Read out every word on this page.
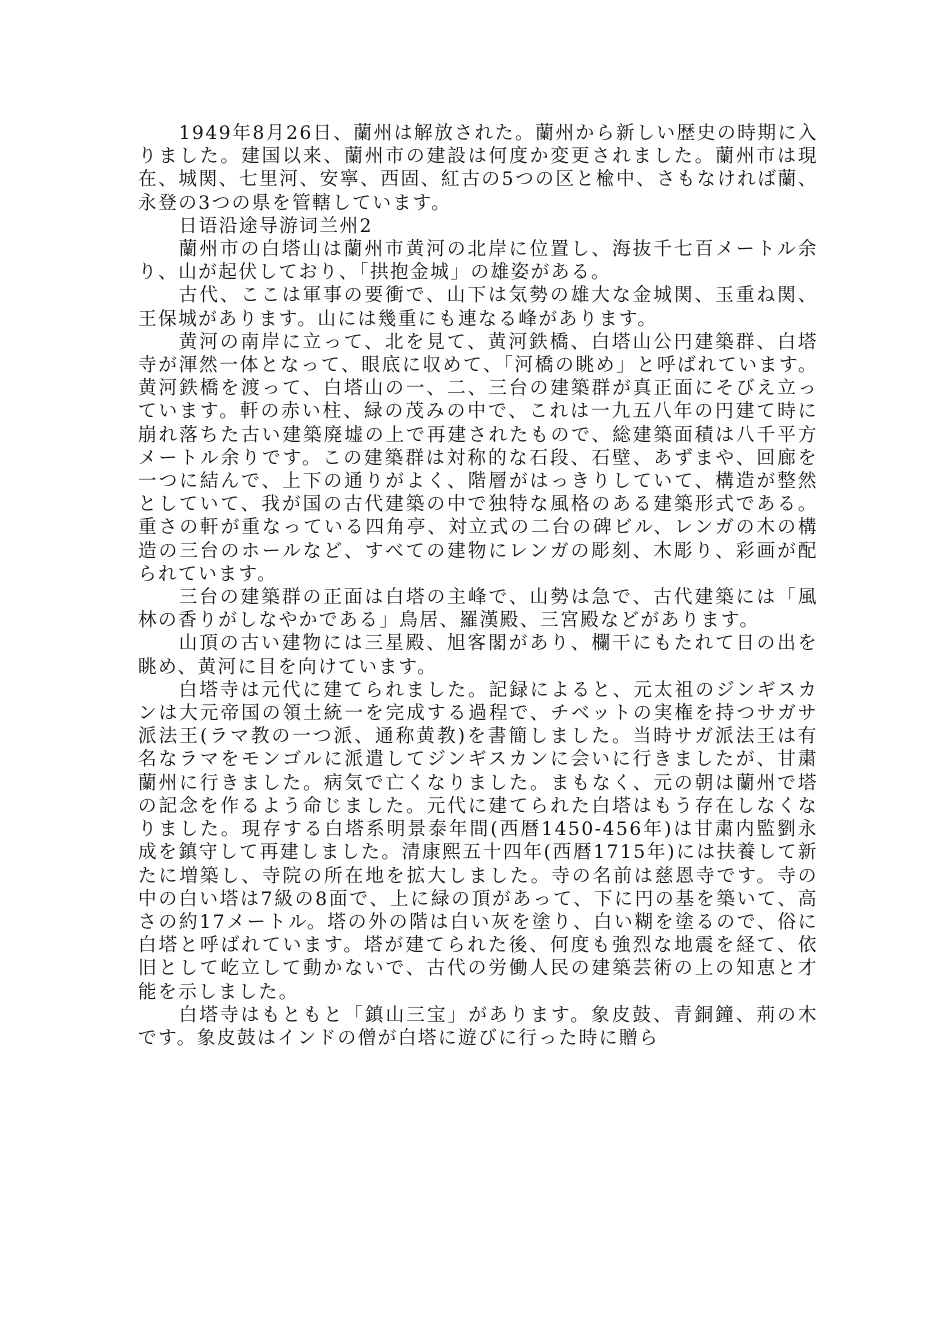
1949年8月26日、蘭州は解放された。蘭州から新しい歴史の時期に入りました。建国以来、蘭州市の建設は何度か変更されました。蘭州市は現在、城関、七里河、安寧、西固、紅古の5つの区と楡中、さもなければ蘭、永登の3つの県を管轄しています。

日语沿途导游词兰州2

蘭州市の白塔山は蘭州市黄河の北岸に位置し、海抜千七百メートル余り、山が起伏しており、「拱抱金城」の雄姿がある。

古代、ここは軍事の要衝で、山下は気勢の雄大な金城関、玉重ね関、王保城があります。山には幾重にも連なる峰があります。

黄河の南岸に立って、北を見て、黄河鉄橋、白塔山公円建築群、白塔寺が渾然一体となって、眼底に収めて、「河橋の眺め」と呼ばれています。黄河鉄橋を渡って、白塔山の一、二、三台の建築群が真正面にそびえ立っています。軒の赤い柱、緑の茂みの中で、これは一九五八年の円建て時に崩れ落ちた古い建築廃墟の上で再建されたもので、総建築面積は八千平方メートル余りです。この建築群は対称的な石段、石壁、あずまや、回廊を一つに結んで、上下の通りがよく、階層がはっきりしていて、構造が整然としていて、我が国の古代建築の中で独特な風格のある建築形式である。重さの軒が重なっている四角亭、対立式の二台の碑ビル、レンガの木の構造の三台のホールなど、すべての建物にレンガの彫刻、木彫り、彩画が配られています。

三台の建築群の正面は白塔の主峰で、山勢は急で、古代建築には「風林の香りがしなやかである」鳥居、羅漢殿、三宮殿などがあります。

山頂の古い建物には三星殿、旭客閣があり、欄干にもたれて日の出を眺め、黄河に目を向けています。

白塔寺は元代に建てられました。記録によると、元太祖のジンギスカンは大元帝国の領土統一を完成する過程で、チベットの実権を持つサガサ派法王(ラマ教の一つ派、通称黄教)を書簡しました。当時サガ派法王は有名なラマをモンゴルに派遣してジンギスカンに会いに行きましたが、甘粛蘭州に行きました。病気で亡くなりました。まもなく、元の朝は蘭州で塔の記念を作るよう命じました。元代に建てられた白塔はもう存在しなくなりました。現存する白塔系明景泰年間(西暦1450-456年)は甘粛内監劉永成を鎮守して再建しました。清康熙五十四年(西暦1715年)には扶養して新たに増築し、寺院の所在地を拡大しました。寺の名前は慈恩寺です。寺の中の白い塔は7級の8面で、上に緑の頂があって、下に円の基を築いて、高さの約17メートル。塔の外の階は白い灰を塗り、白い糊を塗るので、俗に白塔と呼ばれています。塔が建てられた後、何度も強烈な地震を経て、依旧として屹立して動かないで、古代の労働人民の建築芸術の上の知恵と才能を示しました。

白塔寺はもともと「鎮山三宝」があります。象皮鼓、青銅鐘、荊の木です。象皮鼓はインドの僧が白塔に遊びに行った時に贈ら
